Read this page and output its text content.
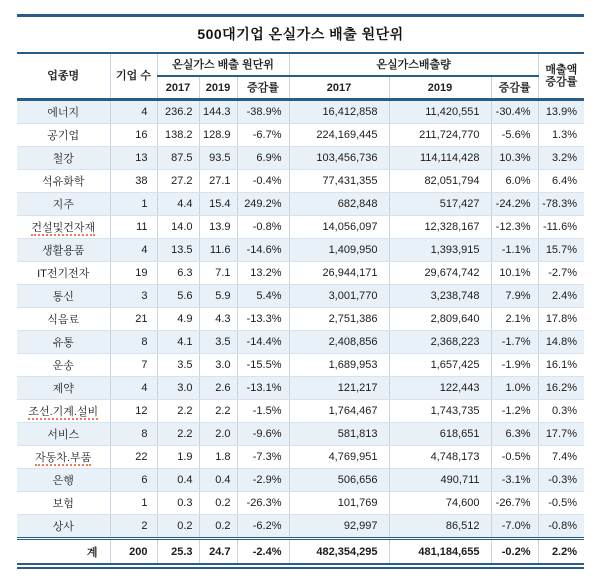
500대기업 온실가스 배출 원단위
업종명	기업 수	온실가스 배출 원단위			온실가스배출량			매출액
증감률

		2017	2019	증감률	2017	2019	증감률	
에너지	4	236.2	144.3	-38.9%	16,412,858	11,420,551	-30.4%	13.9%
공기업	16	138.2	128.9	-6.7%	224,169,445	211,724,770	-5.6%	1.3%
철강	13	87.5	93.5	6.9%	103,456,736	114,114,428	10.3%	3.2%
석유화학	38	27.2	27.1	-0.4%	77,431,355	82,051,794	6.0%	6.4%
지주	1	4.4	15.4	249.2%	682,848	517,427	-24.2%	-78.3%
건설및건자재	11	14.0	13.9	-0.8%	14,056,097	12,328,167	-12.3%	-11.6%
생활용품	4	13.5	11.6	-14.6%	1,409,950	1,393,915	-1.1%	15.7%
IT전기전자	19	6.3	7.1	13.2%	26,944,171	29,674,742	10.1%	-2.7%
통신	3	5.6	5.9	5.4%	3,001,770	3,238,748	7.9%	2.4%
식음료	21	4.9	4.3	-13.3%	2,751,386	2,809,640	2.1%	17.8%
유통	8	4.1	3.5	-14.4%	2,408,856	2,368,223	-1.7%	14.8%
운송	7	3.5	3.0	-15.5%	1,689,953	1,657,425	-1.9%	16.1%
제약	4	3.0	2.6	-13.1%	121,217	122,443	1.0%	16.2%
조선.기계.설비	12	2.2	2.2	-1.5%	1,764,467	1,743,735	-1.2%	0.3%
서비스	8	2.2	2.0	-9.6%	581,813	618,651	6.3%	17.7%
자동차.부품	22	1.9	1.8	-7.3%	4,769,951	4,748,173	-0.5%	7.4%
은행	6	0.4	0.4	-2.9%	506,656	490,711	-3.1%	-0.3%
보험	1	0.3	0.2	-26.3%	101,769	74,600	-26.7%	-0.5%
상사	2	0.2	0.2	-6.2%	92,997	86,512	-7.0%	-0.8%
계	200	25.3	24.7	-2.4%	482,354,295	481,184,655	-0.2%	2.2%
